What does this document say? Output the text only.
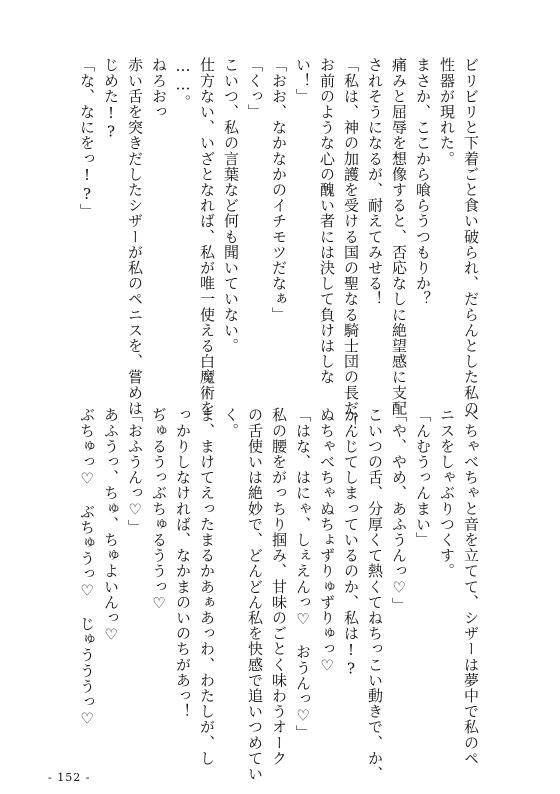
ビリビリと下着ごと食い破られ、だらんとした私の
性器が現れた。
まさか、ここから喰らうつもりか？
痛みと屈辱を想像すると、否応なしに絶望感に支配
されそうになるが、耐えてみせる！
「私は、神の加護を受ける国の聖なる騎士団の長だ！
お前のような心の醜い者には決して負けはしな
い！」
「おお、なかなかのイチモツだなぁ」
「くっ」
こいつ、私の言葉など何も聞いていない。
仕方ない、いざとなれば、私が唯一使える白魔術を
……。
ねろおっ
赤い舌を突きだしたシザーが私のペニスを、嘗めは
じめた!?
「な、なにをっ!?」
べちゃべちゃと音を立てて、シザーは夢中で私のペ
ニスをしゃぶりつくす。
「んむうっんまい」
「や、やめ、あふうんっ♡」
こいつの舌、分厚くて熱くてねちっこい動きで、か、
かんじてしまっているのか、私は!?
ぬちゃべちゃぬちょずりゅずりゅっ♡
「はな、はにゃ、しぇえんっ♡　おうんっ♡」
私の腰をがっちり掴み、甘味のごとく味わうオーク
の舌使いは絶妙で、どんどん私を快感で追いつめてい
く。
ま、まけてえったまるかあぁあっわ、わたしが、し
っかりしなければ、なかまのいのちがあっ！
ぢゅるうっぶちゅるううっ♡
「おふうんっ♡」
あふうっ、ちゅ、ちゅよいんっ♡
ぶちゅっ♡　ぶちゅうっ♡　じゅうううっ♡
- 152 -
